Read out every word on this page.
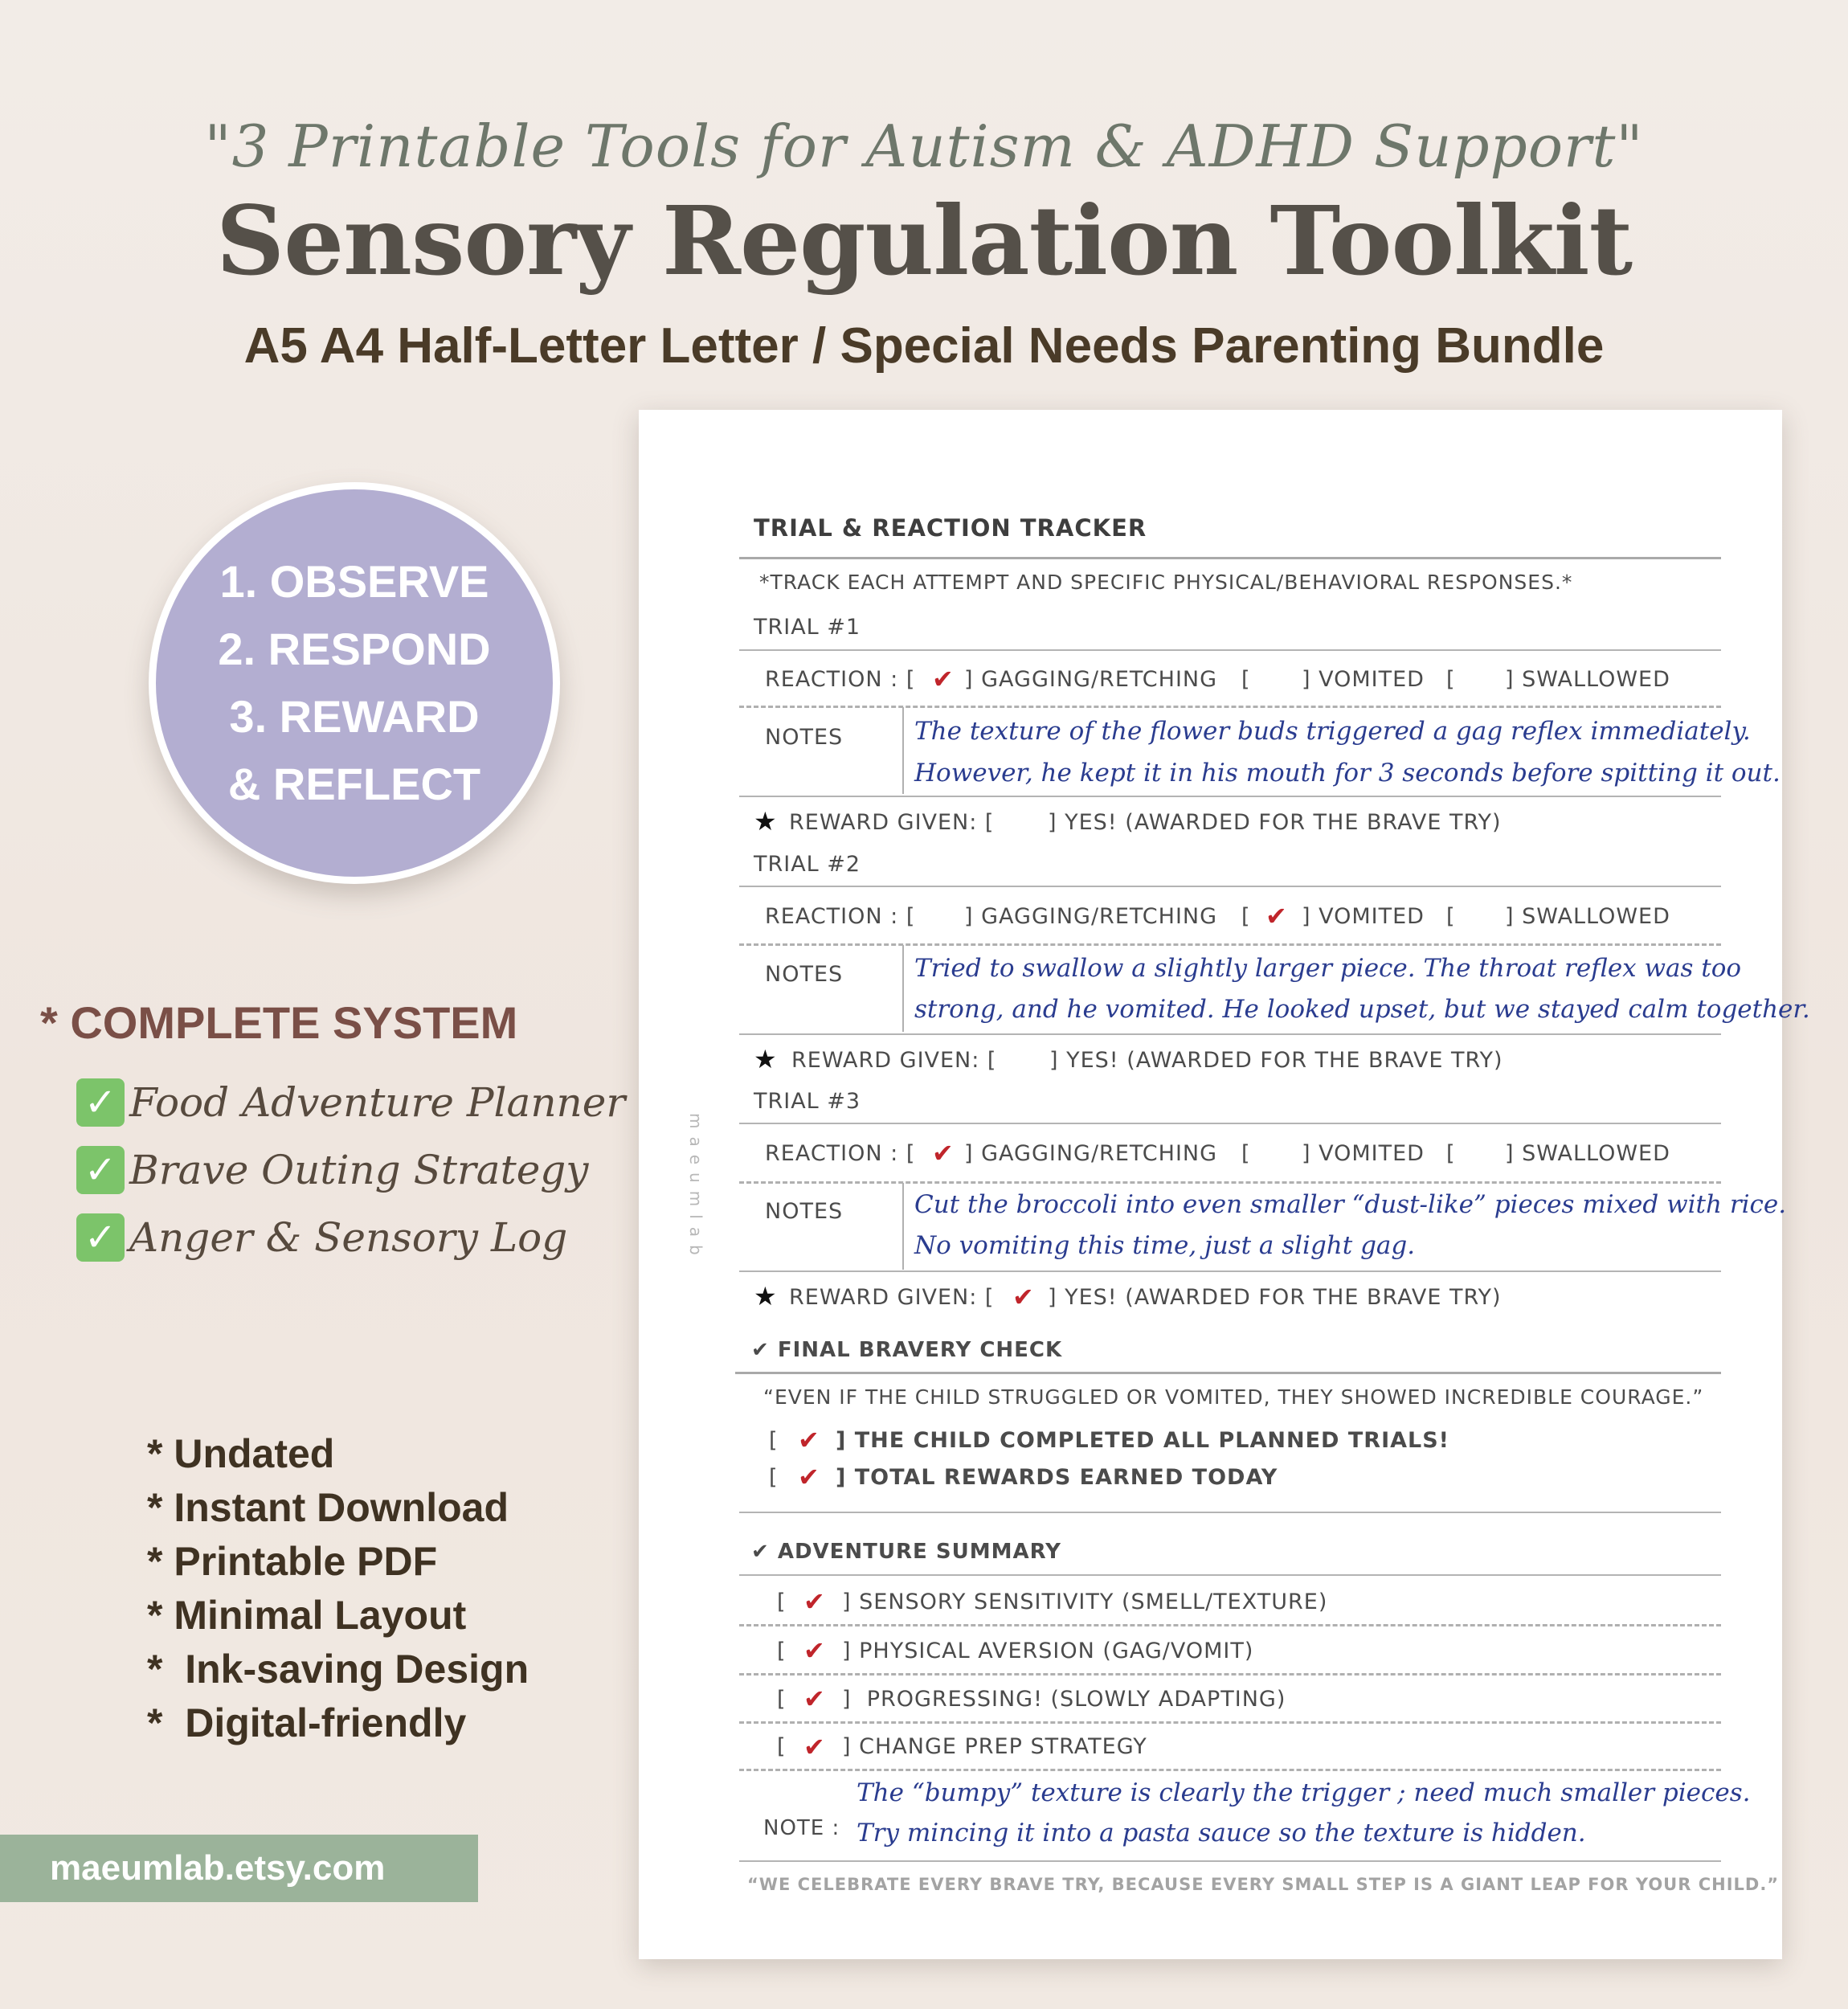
"3 Printable Tools for Autism & ADHD Support"
Sensory Regulation Toolkit
A5 A4 Half-Letter Letter / Special Needs Parenting Bundle
1. OBSERVE
2. RESPOND
3. REWARD
& REFLECT
* COMPLETE SYSTEM
✓ Food Adventure Planner
✓ Brave Outing Strategy
✓ Anger & Sensory Log
* Undated
* Instant Download
* Printable PDF
* Minimal Layout
*  Ink-saving Design
*  Digital-friendly
maeumlab.etsy.com
maeumlab
TRIAL & REACTION TRACKER
*TRACK EACH ATTEMPT AND SPECIFIC PHYSICAL/BEHAVIORAL RESPONSES.*
TRIAL #1
REACTION : [ ✔ ] GAGGING/RETCHING [ ] VOMITED [ ] SWALLOWED
NOTES	The texture of the flower buds triggered a gag reflex immediately.
However, he kept it in his mouth for 3 seconds before spitting it out.
★ REWARD GIVEN: [ ] YES! (AWARDED FOR THE BRAVE TRY)
TRIAL #2
REACTION : [ ] GAGGING/RETCHING [ ✔ ] VOMITED [ ] SWALLOWED
NOTES	Tried to swallow a slightly larger piece. The throat reflex was too
strong, and he vomited. He looked upset, but we stayed calm together.
★ REWARD GIVEN: [ ] YES! (AWARDED FOR THE BRAVE TRY)
TRIAL #3
REACTION : [ ✔ ] GAGGING/RETCHING [ ] VOMITED [ ] SWALLOWED
NOTES	Cut the broccoli into even smaller “dust-like” pieces mixed with rice.
No vomiting this time, just a slight gag.
★ REWARD GIVEN: [ ✔ ] YES! (AWARDED FOR THE BRAVE TRY)
✔ FINAL BRAVERY CHECK
“EVEN IF THE CHILD STRUGGLED OR VOMITED, THEY SHOWED INCREDIBLE COURAGE.”
[ ✔ ] THE CHILD COMPLETED ALL PLANNED TRIALS!
[ ✔ ] TOTAL REWARDS EARNED TODAY
✔ ADVENTURE SUMMARY
[ ✔ ] SENSORY SENSITIVITY (SMELL/TEXTURE)
[ ✔ ] PHYSICAL AVERSION (GAG/VOMIT)
[ ✔ ]  PROGRESSING! (SLOWLY ADAPTING)
[ ✔ ] CHANGE PREP STRATEGY
NOTE :
The “bumpy” texture is clearly the trigger ; need much smaller pieces.
Try mincing it into a pasta sauce so the texture is hidden.
“WE CELEBRATE EVERY BRAVE TRY, BECAUSE EVERY SMALL STEP IS A GIANT LEAP FOR YOUR CHILD.”
